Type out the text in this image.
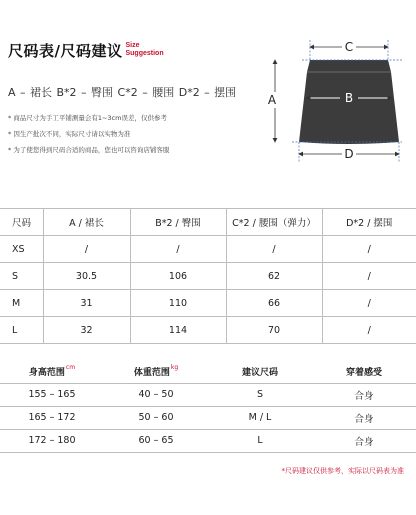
尺码表/尺码建议 Size
Suggestion
A – 裙长 B*2 – 臀围 C*2 – 腰围 D*2 – 摆围
* 商品尺寸为手工平铺测量会有1~3cm误差，仅供参考
* 因生产批次不同，实际尺寸请以实物为准
* 为了使您得到尺码合适的商品，您也可以咨询店铺客服
C
A	B
D
尺码	A / 裙长	B*2 / 臀围	C*2 / 腰围（弹力）	D*2 / 摆围
XS	/	/	/	/
S	30.5	106	62	/
M	31	110	66	/
L	32	114	70	/
身高范围$^{cm}$	体重范围$^{kg}$	建议尺码	穿着感受
155 – 165	40 – 50	S	合身
165 – 172	50 – 60	M / L	合身
172 – 180	60 – 65	L	合身
*尺码建议仅供参考，实际以尺码表为准
